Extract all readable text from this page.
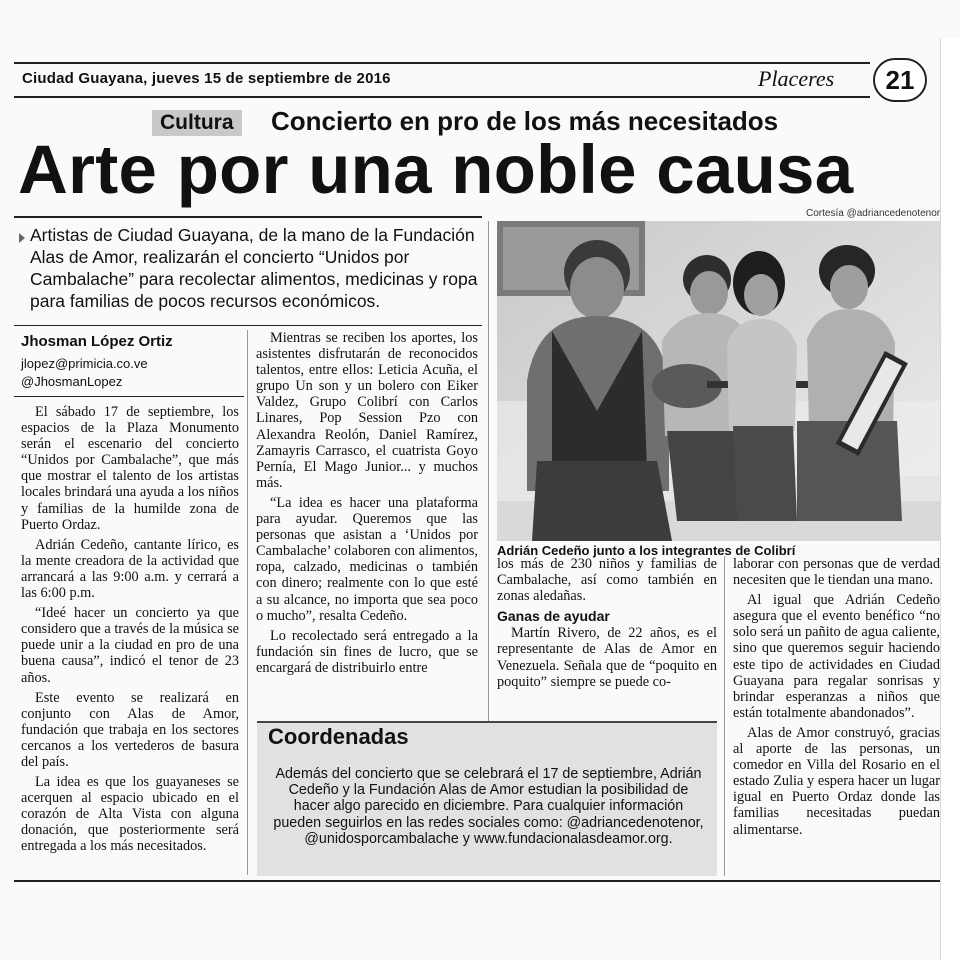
Ciudad Guayana, jueves 15 de septiembre de 2016	Placeres	21
Cultura	Concierto en pro de los más necesitados
Arte por una noble causa
Cortesía @adriancedenotenor
Artistas de Ciudad Guayana, de la mano de la Fundación Alas de Amor, realizarán el concierto “Unidos por Cambalache” para recolectar alimentos, medicinas y ropa para familias de pocos recursos económicos.
Jhosman López Ortiz
jlopez@primicia.co.ve
@JhosmanLopez

El sábado 17 de septiembre, los espacios de la Plaza Monumento serán el escenario del concierto “Unidos por Cambalache”, que más que mostrar el talento de los artistas locales brindará una ayuda a los niños y familias de la humilde zona de Puerto Ordaz.

Adrián Cedeño, cantante lírico, es la mente creadora de la actividad que arrancará a las 9:00 a.m. y cerrará a las 6:00 p.m.

“Ideé hacer un concierto ya que considero que a través de la música se puede unir a la ciudad en pro de una buena causa”, indicó el tenor de 23 años.

Este evento se realizará en conjunto con Alas de Amor, fundación que trabaja en los sectores cercanos a los vertederos de basura del país.

La idea es que los guayaneses se acerquen al espacio ubicado en el corazón de Alta Vista con alguna donación, que posteriormente será entregada a los más necesitados.

Mientras se reciben los aportes, los asistentes disfrutarán de reconocidos talentos, entre ellos: Leticia Acuña, el grupo Un son y un bolero con Eiker Valdez, Grupo Colibrí con Carlos Linares, Pop Session Pzo con Alexandra Reolón, Daniel Ramírez, Zamayris Carrasco, el cuatrista Goyo Pernía, El Mago Junior... y muchos más.

“La idea es hacer una plataforma para ayudar. Queremos que las personas que asistan a ‘Unidos por Cambalache’ colaboren con alimentos, ropa, calzado, medicinas o también con dinero; realmente con lo que esté a su alcance, no importa que sea poco o mucho”, resalta Cedeño.

Lo recolectado será entregado a la fundación sin fines de lucro, que se encargará de distribuirlo entre

Adrián Cedeño junto a los integrantes de Colibrí

los más de 230 niños y familias de Cambalache, así como también en zonas aledañas.

Ganas de ayudar

Martín Rivero, de 22 años, es el representante de Alas de Amor en Venezuela. Señala que de “poquito en poquito” siempre se puede co-

laborar con personas que de verdad necesiten que le tiendan una mano.

Al igual que Adrián Cedeño asegura que el evento benéfico “no solo será un pañito de agua caliente, sino que queremos seguir haciendo este tipo de actividades en Ciudad Guayana para regalar sonrisas y brindar esperanzas a niños que están totalmente abandonados”.

Alas de Amor construyó, gracias al aporte de las personas, un comedor en Villa del Rosario en el estado Zulia y espera hacer un lugar igual en Puerto Ordaz donde las familias necesitadas puedan alimentarse.

Coordenadas
Además del concierto que se celebrará el 17 de septiembre, Adrián Cedeño y la Fundación Alas de Amor estudian la posibilidad de hacer algo parecido en diciembre. Para cualquier información pueden seguirlos en las redes sociales como: @adriancedenotenor, @unidosporcambalache y www.fundacionalasdeamor.org.
